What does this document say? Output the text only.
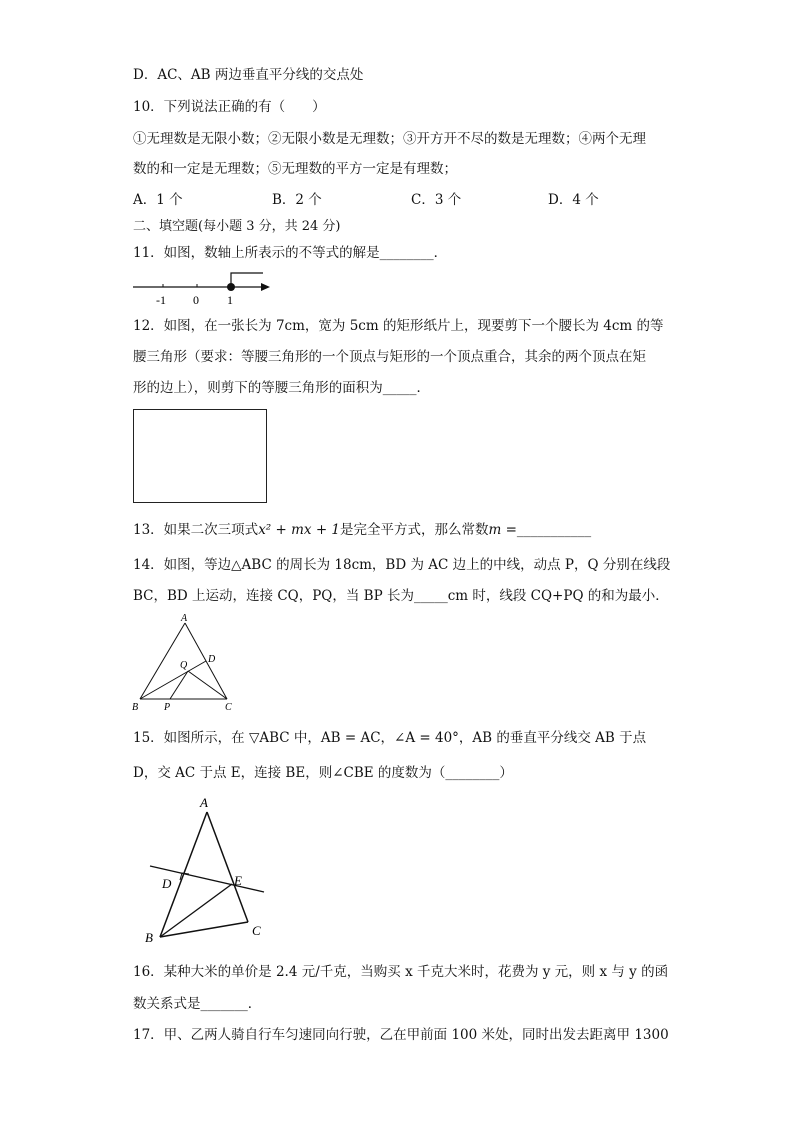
D．AC、AB 两边垂直平分线的交点处
10．下列说法正确的有（　　）
①无理数是无限小数；②无限小数是无理数；③开方开不尽的数是无理数；④两个无理
数的和一定是无理数；⑤无理数的平方一定是有理数；
A．1 个	B．2 个	C．3 个	D．4 个
二、填空题(每小题 3 分，共 24 分)
11．如图，数轴上所表示的不等式的解是________．
-1 0 1
12．如图，在一张长为 7cm，宽为 5cm 的矩形纸片上，现要剪下一个腰长为 4cm 的等
腰三角形（要求：等腰三角形的一个顶点与矩形的一个顶点重合，其余的两个顶点在矩
形的边上），则剪下的等腰三角形的面积为_____．
13．如果二次三项式x² + mx + 1是完全平方式，那么常数m =___________
14．如图，等边△ABC 的周长为 18cm，BD 为 AC 边上的中线，动点 P，Q 分别在线段
BC，BD 上运动，连接 CQ，PQ，当 BP 长为_____cm 时，线段 CQ+PQ 的和为最小．
A
D
Q
B	P	C
15．如图所示，在 ▽ABC 中，AB = AC，∠A = 40°，AB 的垂直平分线交 AB 于点
D，交 AC 于点 E，连接 BE，则∠CBE 的度数为（________）
A
D	E
B	C
16．某种大米的单价是 2.4 元/千克，当购买 x 千克大米时，花费为 y 元，则 x 与 y 的函
数关系式是_______．
17．甲、乙两人骑自行车匀速同向行驶，乙在甲前面 100 米处，同时出发去距离甲 1300
